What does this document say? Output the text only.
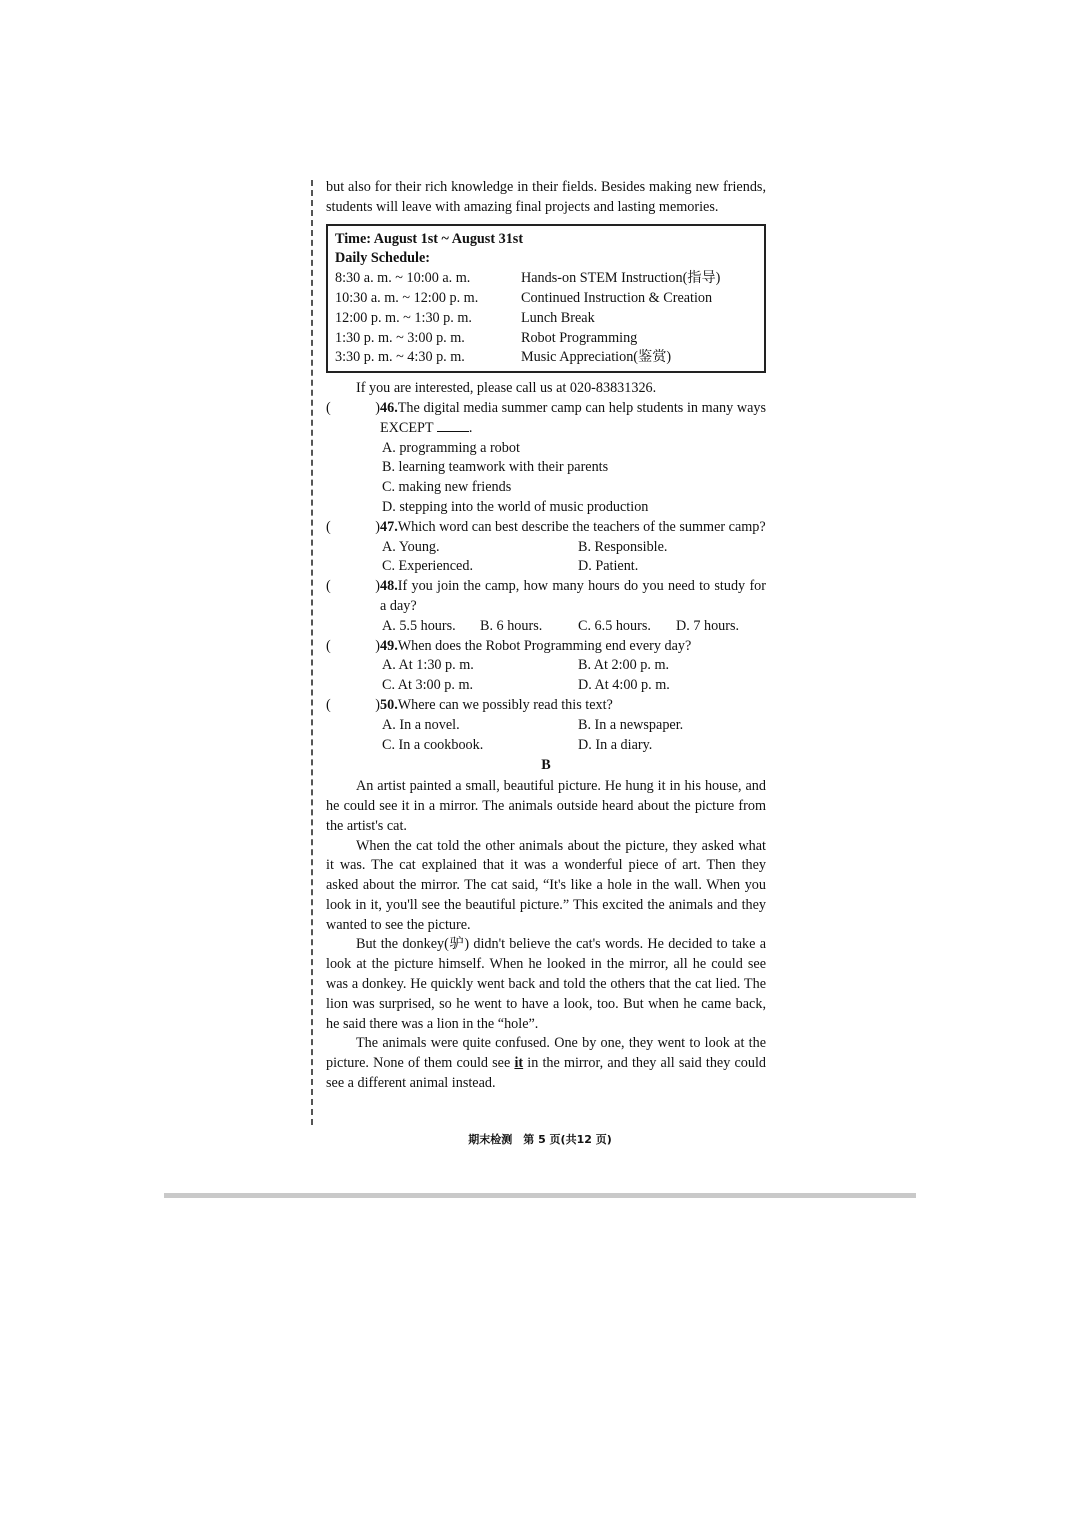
but also for their rich knowledge in their fields. Besides making new friends, students will leave with amazing final projects and lasting memories.

Time: August 1st ~ August 31st
Daily Schedule:
8:30 a. m. ~ 10:00 a. m.	Hands-on STEM Instruction(指导)
10:30 a. m. ~ 12:00 p. m.	Continued Instruction & Creation
12:00 p. m. ~ 1:30 p. m.	Lunch Break
1:30 p. m. ~ 3:00 p. m.	Robot Programming
3:30 p. m. ~ 4:30 p. m.	Music Appreciation(鉴赏)

If you are interested, please call us at 020-83831326.

(	) 46.The digital media summer camp can help students in many ways EXCEPT	.
A. programming a robot
B. learning teamwork with their parents
C. making new friends
D. stepping into the world of music production
(	) 47.Which word can best describe the teachers of the summer camp?
A. Young.	B. Responsible.
C. Experienced.	D. Patient.
(	) 48.If you join the camp, how many hours do you need to study for a day?
A. 5.5 hours.	B. 6 hours.	C. 6.5 hours.	D. 7 hours.
(	) 49.When does the Robot Programming end every day?
A. At 1:30 p. m.	B. At 2:00 p. m.
C. At 3:00 p. m.	D. At 4:00 p. m.
(	) 50.Where can we possibly read this text?
A. In a novel.	B. In a newspaper.
C. In a cookbook.	D. In a diary.
B

An artist painted a small, beautiful picture. He hung it in his house, and he could see it in a mirror. The animals outside heard about the picture from the artist's cat.

When the cat told the other animals about the picture, they asked what it was. The cat explained that it was a wonderful piece of art. Then they asked about the mirror. The cat said, “It's like a hole in the wall. When you look in it, you'll see the beautiful picture.” This excited the animals and they wanted to see the picture.

But the donkey(驴) didn't believe the cat's words. He decided to take a look at the picture himself. When he looked in the mirror, all he could see was a donkey. He quickly went back and told the others that the cat lied. The lion was surprised, so he went to have a look, too. But when he came back, he said there was a lion in the “hole”.

The animals were quite confused. One by one, they went to look at the picture. None of them could see it in the mirror, and they all said they could see a different animal instead.

期末检测　第 5 页(共12 页)
